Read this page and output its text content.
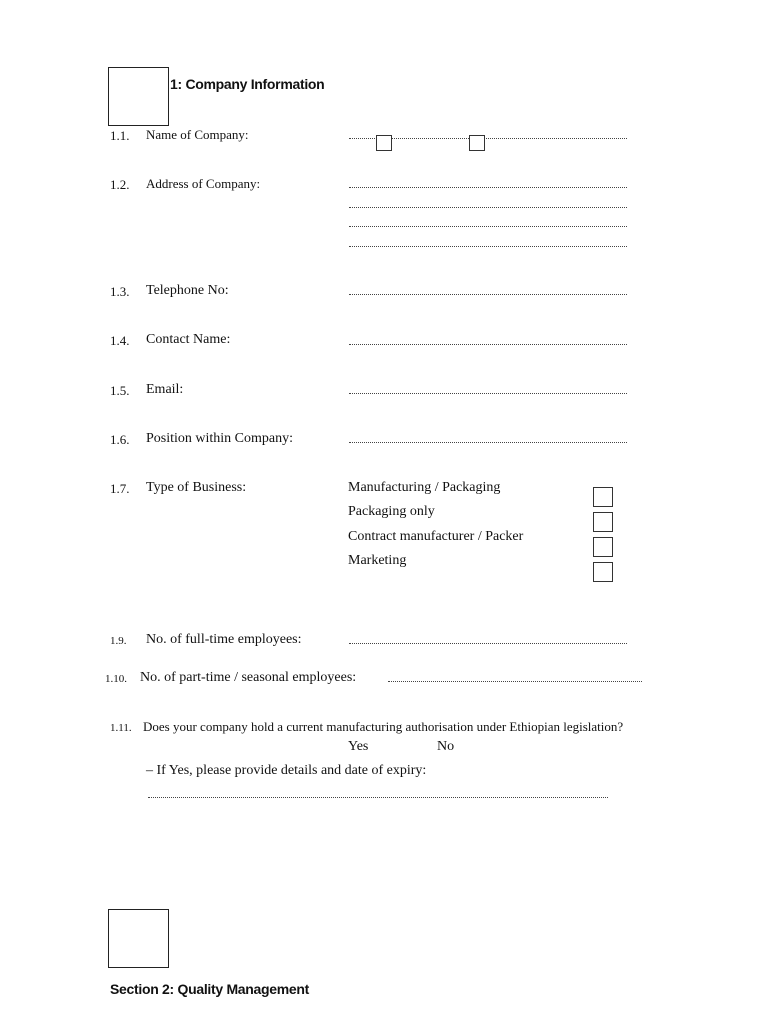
1: Company Information
1.1. Name of Company:
1.2. Address of Company:
1.3. Telephone No:
1.4. Contact Name:
1.5. Email:
1.6. Position within Company:
1.7. Type of Business:	Manufacturing / Packaging
Packaging only
Contract manufacturer / Packer
Marketing
1.9. No. of full-time employees:
1.10. No. of part-time / seasonal employees:
1.11. Does your company hold a current manufacturing authorisation under Ethiopian legislation?
Yes	No
– If Yes, please provide details and date of expiry:
Section 2: Quality Management
